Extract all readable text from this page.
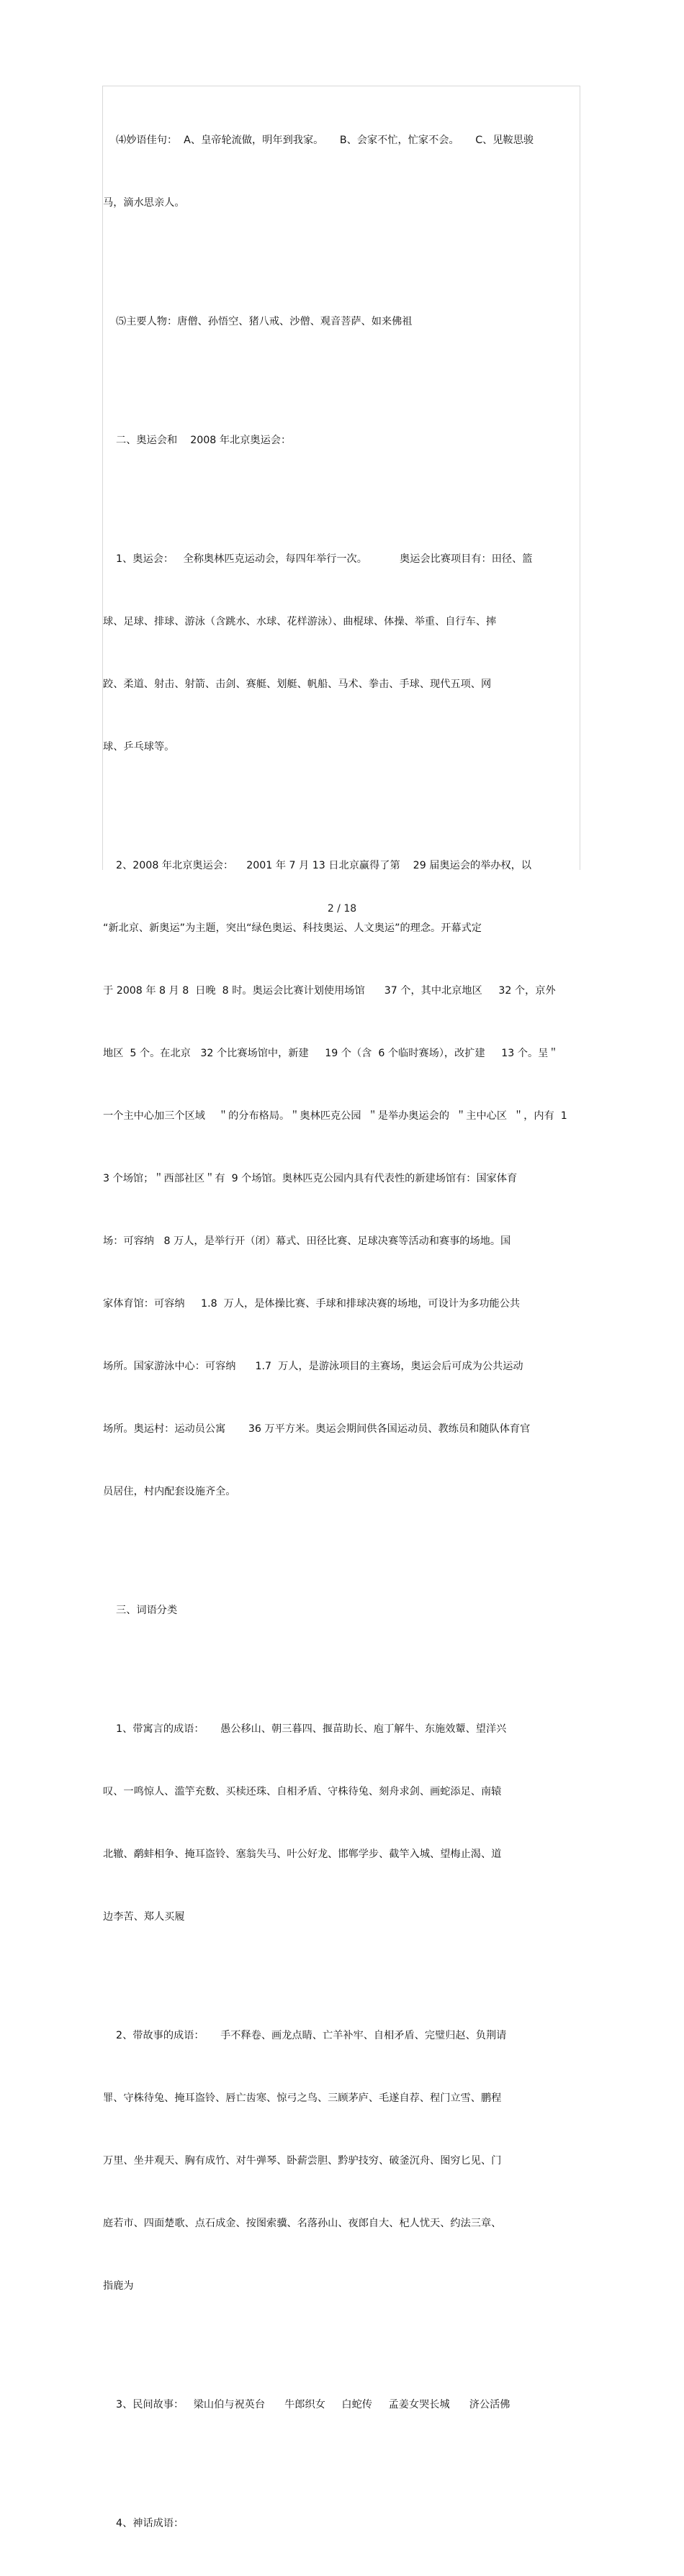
⑷妙语佳句：  A、皇帝轮流做，明年到我家。     B、会家不忙，忙家不会。     C、见鞍思骏

马，滴水思亲人。

⑸主要人物：唐僧、孙悟空、猪八戒、沙僧、观音菩萨、如来佛祖

二、奥运会和    2008 年北京奥运会：

1、奥运会：   全称奥林匹克运动会，每四年举行一次。          奥运会比赛项目有：田径、篮

球、足球、排球、游泳（含跳水、水球、花样游泳）、曲棍球、体操、举重、自行车、摔

跤、柔道、射击、射箭、击剑、赛艇、划艇、帆船、马术、拳击、手球、现代五项、网

球、乒乓球等。

2、2008 年北京奥运会：    2001 年 7 月 13 日北京赢得了第    29 届奥运会的举办权，以

“新北京、新奥运”为主题，突出“绿色奥运、科技奥运、人文奥运”的理念。开幕式定

于 2008 年 8 月 8  日晚  8 时。奥运会比赛计划使用场馆      37 个，其中北京地区     32 个，京外

地区  5 个。在北京   32 个比赛场馆中，新建     19 个（含  6 个临时赛场），改扩建     13 个。呈＂

一个主中心加三个区域    ＂的分布格局。＂奥林匹克公园  ＂是举办奥运会的  ＂主中心区  ＂，内有  1

3 个场馆；＂西部社区＂有  9 个场馆。奥林匹克公园内具有代表性的新建场馆有：国家体育

场：可容纳   8 万人，是举行开（闭）幕式、田径比赛、足球决赛等活动和赛事的场地。国

家体育馆：可容纳     1.8  万人，是体操比赛、手球和排球决赛的场地，可设计为多功能公共

场所。国家游泳中心：可容纳      1.7  万人，是游泳项目的主赛场，奥运会后可成为公共运动

场所。奥运村：运动员公寓       36 万平方米。奥运会期间供各国运动员、教练员和随队体育官

员居住，村内配套设施齐全。

三、词语分类

1、带寓言的成语：     愚公移山、朝三暮四、揠苗助长、庖丁解牛、东施效颦、望洋兴

叹、一鸣惊人、滥竽充数、买椟还珠、自相矛盾、守株待兔、刻舟求剑、画蛇添足、南辕

北辙、鹬蚌相争、掩耳盗铃、塞翁失马、叶公好龙、邯郸学步、截竿入城、望梅止渴、道

边李苦、郑人买履

2、带故事的成语：     手不释卷、画龙点睛、亡羊补牢、自相矛盾、完璧归赵、负荆请

罪、守株待兔、掩耳盗铃、唇亡齿寒、惊弓之鸟、三顾茅庐、毛遂自荐、程门立雪、鹏程

万里、坐井观天、胸有成竹、对牛弹琴、卧薪尝胆、黔驴技穷、破釜沉舟、图穷匕见、门

庭若市、四面楚歌、点石成金、按图索骥、名落孙山、夜郎自大、杞人忧天、约法三章、

指鹿为

3、民间故事：   梁山伯与祝英台      牛郎织女     白蛇传     孟姜女哭长城      济公活佛

4、神话成语：

2 / 18
